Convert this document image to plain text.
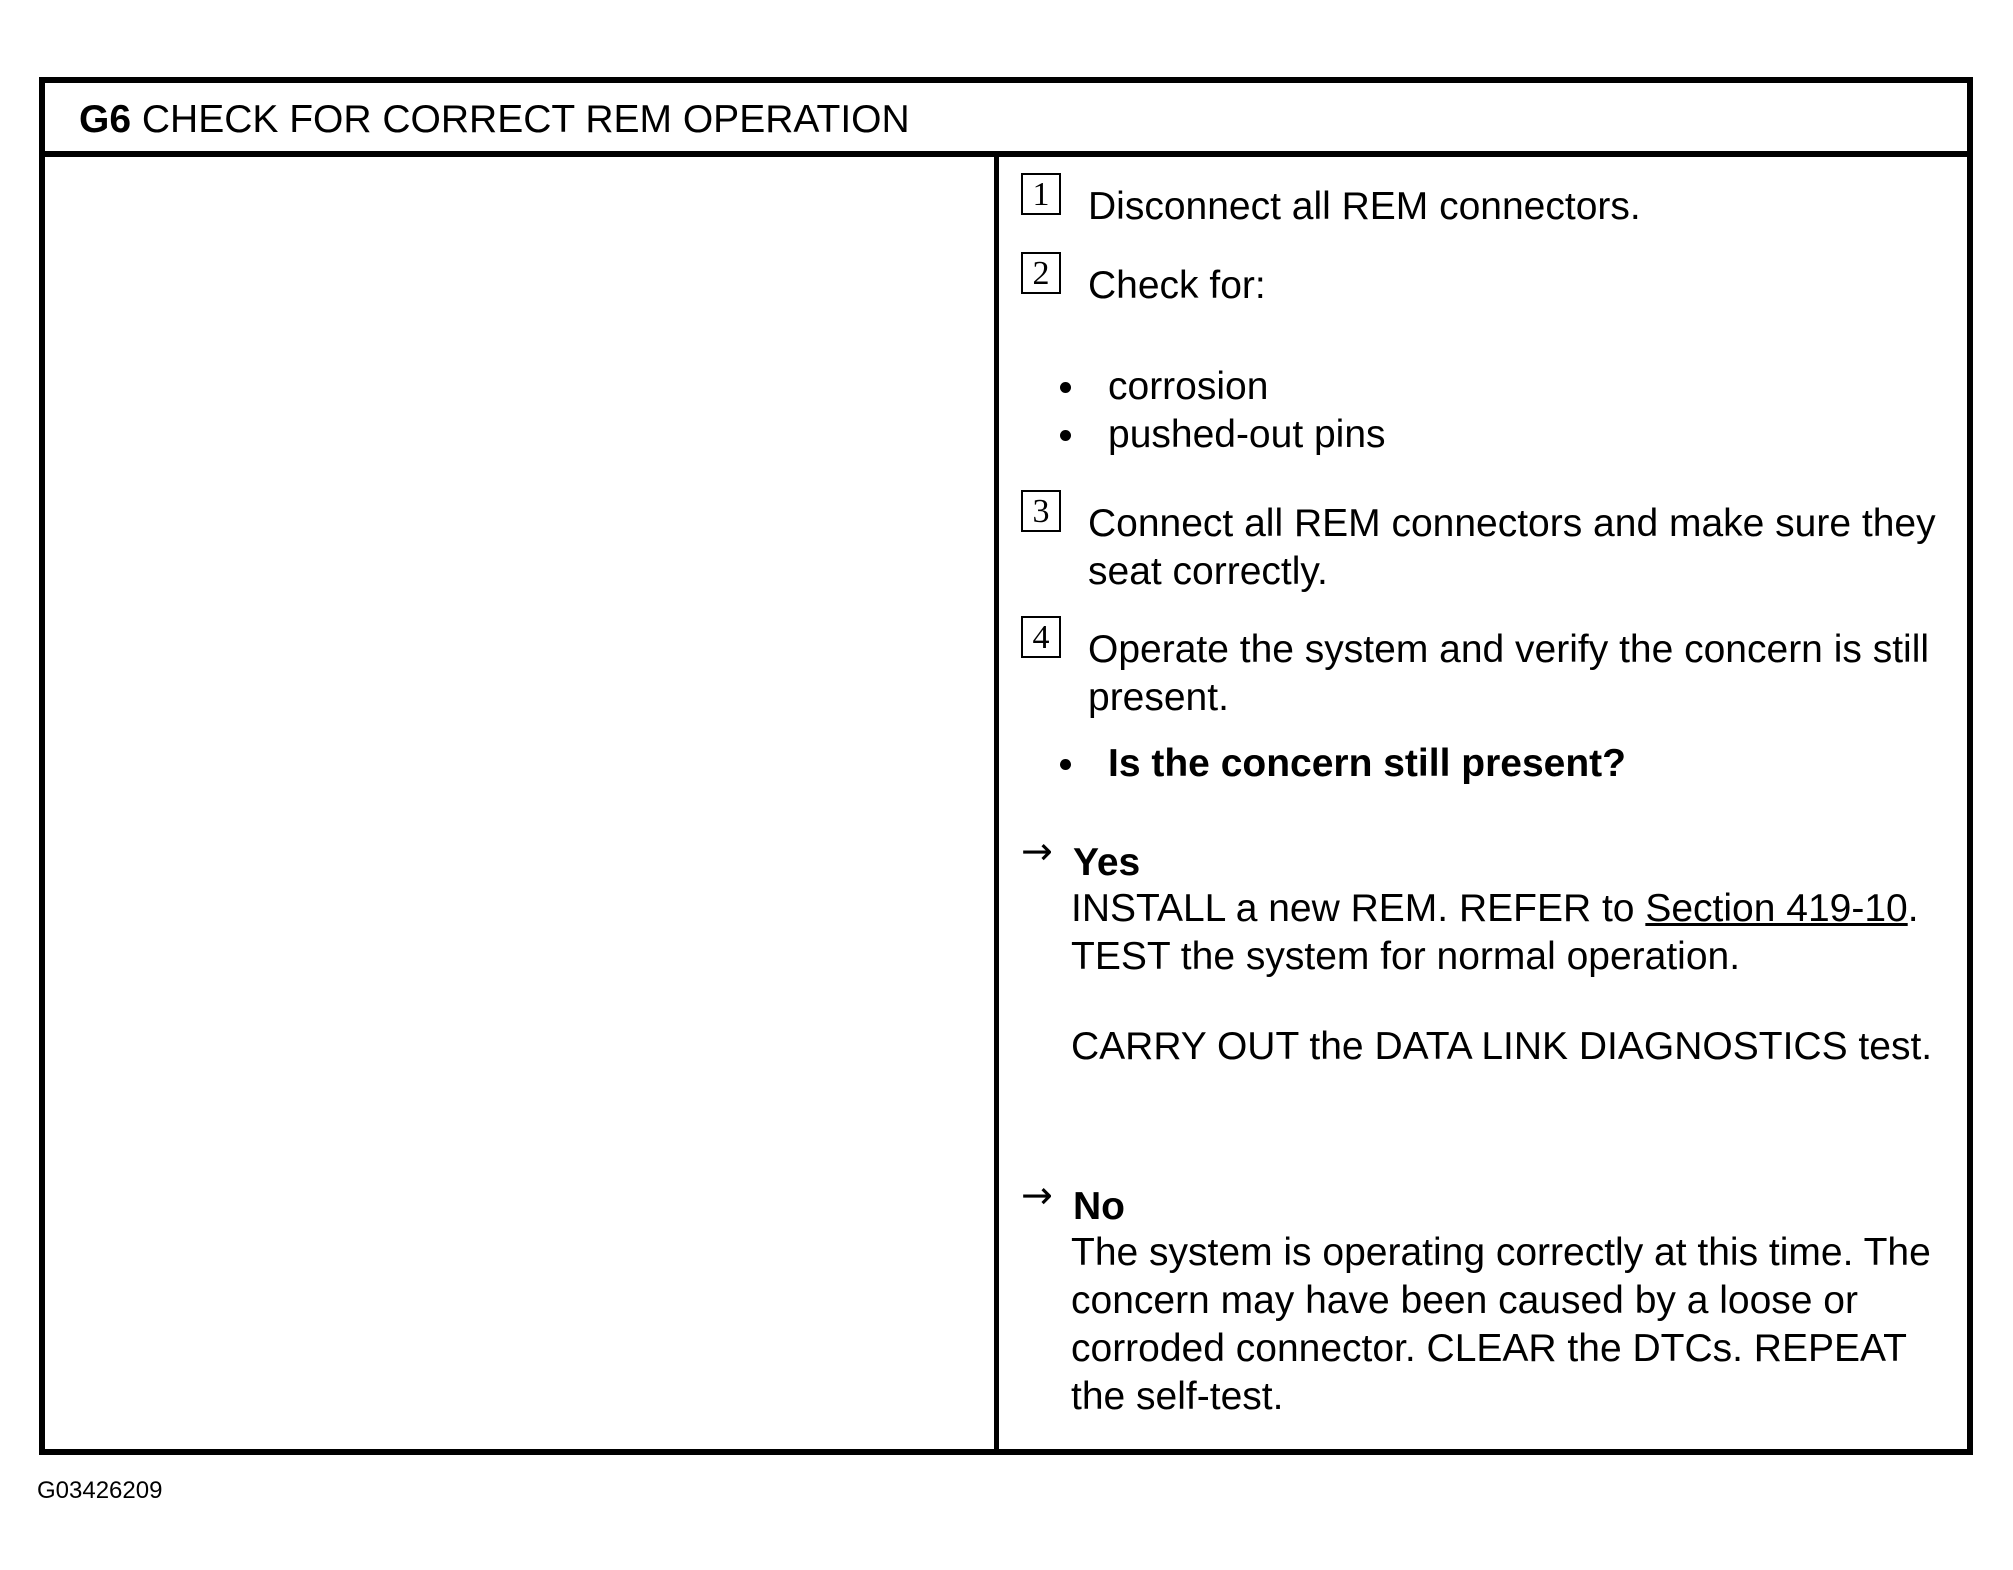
G6 CHECK FOR CORRECT REM OPERATION
1 Disconnect all REM connectors.
2 Check for:
corrosion
pushed-out pins
3 Connect all REM connectors and make sure they seat correctly.
4 Operate the system and verify the concern is still present.
Is the concern still present?
→ Yes

INSTALL a new REM. REFER to Section 419-10. TEST the system for normal operation.

CARRY OUT the DATA LINK DIAGNOSTICS test.

→ No

The system is operating correctly at this time. The concern may have been caused by a loose or corroded connector. CLEAR the DTCs. REPEAT the self-test.

G03426209
